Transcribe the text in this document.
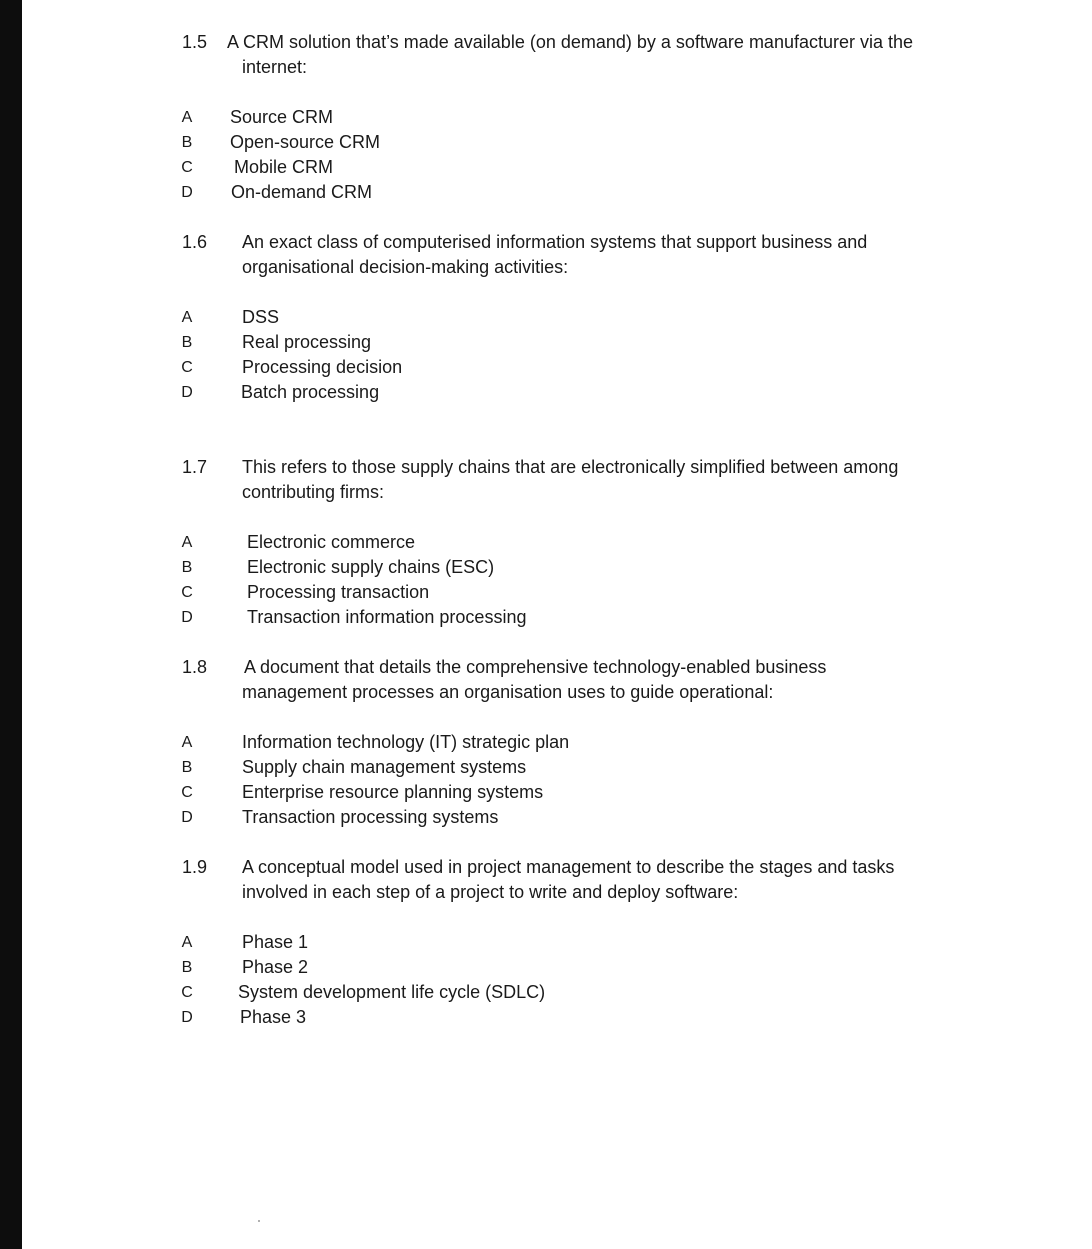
1.5 A CRM solution that’s made available (on demand) by a software manufacturer via the
internet:
A Source CRM
B Open-source CRM
C Mobile CRM
D On-demand CRM
1.6 An exact class of computerised information systems that support business and
organisational decision-making activities:
A	DSS
B	Real processing
C	Processing decision
D	Batch processing
1.7 This refers to those supply chains that are electronically simplified between among
contributing firms:
A	Electronic commerce
B	Electronic supply chains (ESC)
C	Processing transaction
D	Transaction information processing
1.8 A document that details the comprehensive technology-enabled business
management processes an organisation uses to guide operational:
A	Information technology (IT) strategic plan
B	Supply chain management systems
C	Enterprise resource planning systems
D	Transaction processing systems
1.9 A conceptual model used in project management to describe the stages and tasks
involved in each step of a project to write and deploy software:
A	Phase 1
B	Phase 2
C	System development life cycle (SDLC)
D	Phase 3
